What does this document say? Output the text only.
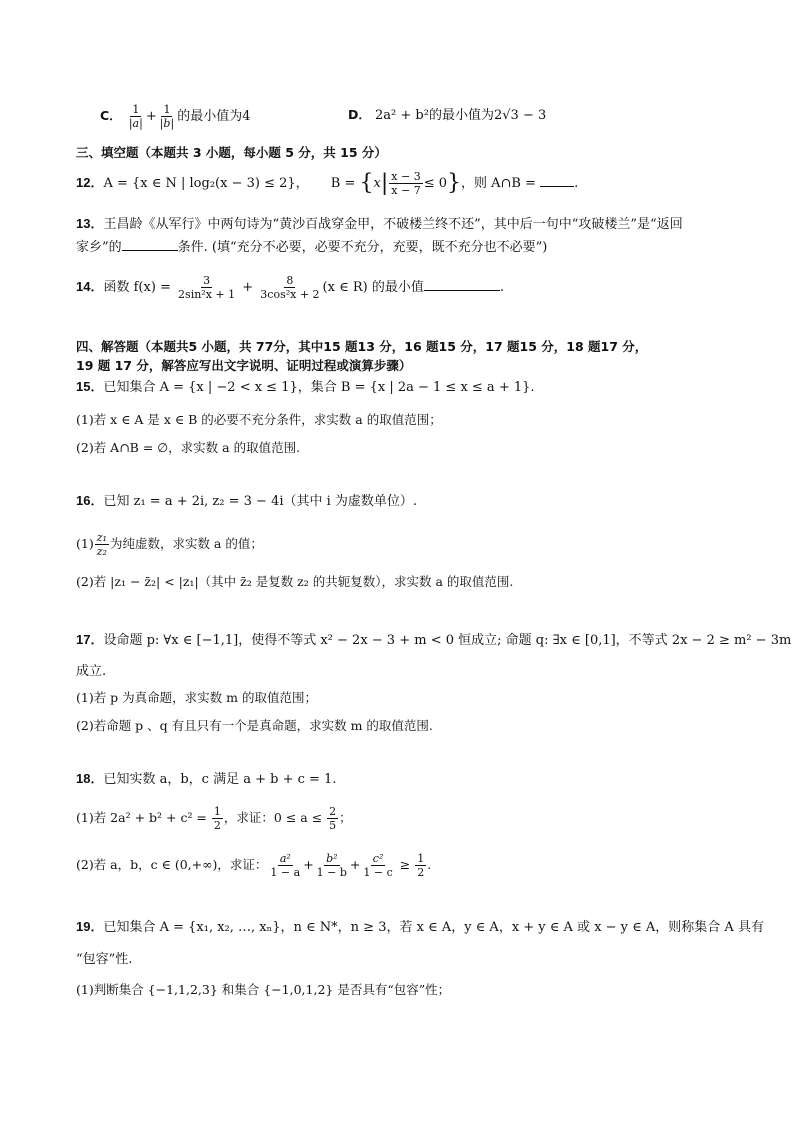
C． $\frac{1}{|a|} + \frac{1}{|b|}$ 的最小值为4	D． 2a² + b²的最小值为2√3 − 3
三、填空题（本题共 3 小题，每小题 5 分，共 15 分）
12．A = {x ∈ N | log₂(x − 3) ≤ 2}， $B = \{x| \frac{x - 3}{x - 7} \le 0\}$，则 A∩B =	.
13．王昌龄《从军行》中两句诗为“黄沙百战穿金甲，不破楼兰终不还”，其中后一句中“攻破楼兰”是“返回
家乡”的	条件. (填“充分不必要，必要不充分，充要，既不充分也不必要”)
14．函数 $f(x) = \frac{3}{\text{2sin²x + 1}} + \frac{8}{\text{3cos²x + 2}} (x$ ∈ R) 的最小值	.
四、解答题（本题共5 小题，共 77分，其中15 题13 分，16 题15 分，17 题15 分，18 题17 分，
19 题 17 分，解答应写出文字说明、证明过程或演算步骤）
15．已知集合 A = {x | −2 < x ≤ 1}，集合 B = {x | 2a − 1 ≤ x ≤ a + 1}.
(1)若 x ∈ A 是 x ∈ B 的必要不充分条件，求实数 a 的取值范围；
(2)若 A∩B = ∅，求实数 a 的取值范围.
16．已知 z₁ = a + 2i, z₂ = 3 − 4i（其中 i 为虚数单位）.
$(1) \frac{\text{z₁}}{\text{z₂}}$ 为纯虚数，求实数 a 的值；
(2)若 |z₁ − z̄₂| < |z₁|（其中 z̄₂ 是复数 z₂ 的共轭复数），求实数 a 的取值范围.
17．设命题 p: ∀x ∈ [−1,1]，使得不等式 x² − 2x − 3 + m < 0 恒成立; 命题 q: ∃x ∈ [0,1]，不等式 2x − 2 ≥ m² − 3m
成立.
(1)若 p 为真命题，求实数 m 的取值范围；
(2)若命题 p 、q 有且只有一个是真命题，求实数 m 的取值范围.
18．已知实数 a，b，c 满足 a + b + c = 1.
(1)若 $2a^2 + b^2 + c^2 = \frac{1}{2}$ ，求证：$0 \le a \le \frac{2}{5}$ ；
(2)若 a，b，c ∈ (0,+∞)，求证： $\frac{\text{a²}}{1 - a} + \frac{\text{b²}}{1 - b} + \frac{\text{c²}}{1 - c} \ge \frac{1}{2}$ .
19．已知集合 A = {x₁, x₂, …, xₙ}，n ∈ N*，n ≥ 3，若 x ∈ A，y ∈ A，x + y ∈ A 或 x − y ∈ A，则称集合 A 具有
“包容”性.
(1)判断集合 {−1,1,2,3} 和集合 {−1,0,1,2} 是否具有“包容”性；
